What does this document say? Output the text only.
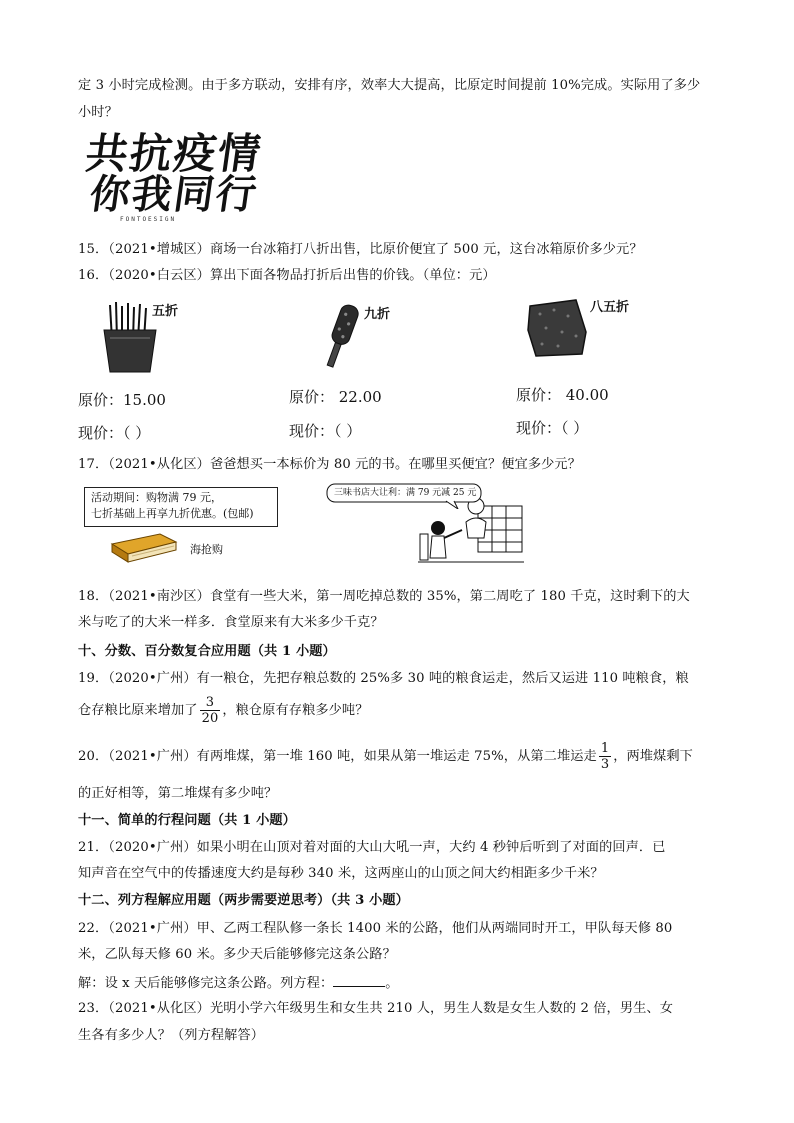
定 3 小时完成检测。由于多方联动，安排有序，效率大大提高，比原定时间提前 10%完成。实际用了多少
小时？
共抗疫情
你我同行
FONTOESIGN
15．（2021•增城区）商场一台冰箱打八折出售，比原价便宜了 500 元，这台冰箱原价多少元？
16．（2020•白云区）算出下面各物品打折后出售的价钱。（单位：元）
五折
原价：15.00
现价：（ ）
九折
原价： 22.00
现价：（ ）
八五折
原价： 40.00
现价：（ ）
17．（2021•从化区）爸爸想买一本标价为 80 元的书。在哪里买便宜？便宜多少元？
活动期间：购物满 79 元，
七折基础上再享九折优惠。(包邮)
海抢购
三味书店大让利：满 79 元减 25 元
18．（2021•南沙区）食堂有一些大米，第一周吃掉总数的 35%，第二周吃了 180 千克，这时剩下的大
米与吃了的大米一样多．食堂原来有大米多少千克？
十、分数、百分数复合应用题（共 1 小题）
19．（2020•广州）有一粮仓，先把存粮总数的 25%多 30 吨的粮食运走，然后又运进 110 吨粮食，粮
仓存粮比原来增加了 $\frac{3}{20}$ ，粮仓原有存粮多少吨？
20．（2021•广州）有两堆煤，第一堆 160 吨，如果从第一堆运走 75%，从第二堆运走 $\frac{1}{3}$ ，两堆煤剩下
的正好相等，第二堆煤有多少吨？
十一、简单的行程问题（共 1 小题）
21．（2020•广州）如果小明在山顶对着对面的大山大吼一声，大约 4 秒钟后听到了对面的回声．已
知声音在空气中的传播速度大约是每秒 340 米，这两座山的山顶之间大约相距多少千米？
十二、列方程解应用题（两步需要逆思考）（共 3 小题）
22．（2021•广州）甲、乙两工程队修一条长 1400 米的公路，他们从两端同时开工，甲队每天修 80
米，乙队每天修 60 米。多少天后能够修完这条公路？
解：设 x 天后能够修完这条公路。列方程：	。
23．（2021•从化区）光明小学六年级男生和女生共 210 人，男生人数是女生人数的 2 倍，男生、女
生各有多少人？（列方程解答）
